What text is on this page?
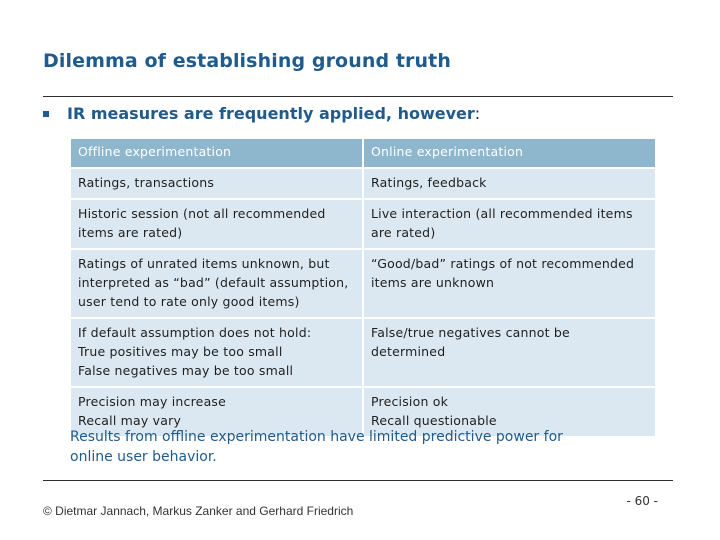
Dilemma of establishing ground truth
IR measures are frequently applied, however :
Offline experimentation	Online experimentation

Ratings, transactions	Ratings, feedback

Historic session (not all recommended
items are rated)	Live interaction (all recommended items
are rated)

Ratings of unrated items unknown, but
interpreted as “bad” (default assumption,
user tend to rate only good items)	“Good/bad” ratings of not recommended
items are unknown

If default assumption does not hold:
True positives may be too small
False negatives may be too small	False/true negatives cannot be
determined

Precision may increase
Recall may vary	Precision ok
Recall questionable
Results from offline experimentation have limited predictive power for
online user behavior.
© Dietmar Jannach, Markus Zanker and Gerhard Friedrich
- 60 -
